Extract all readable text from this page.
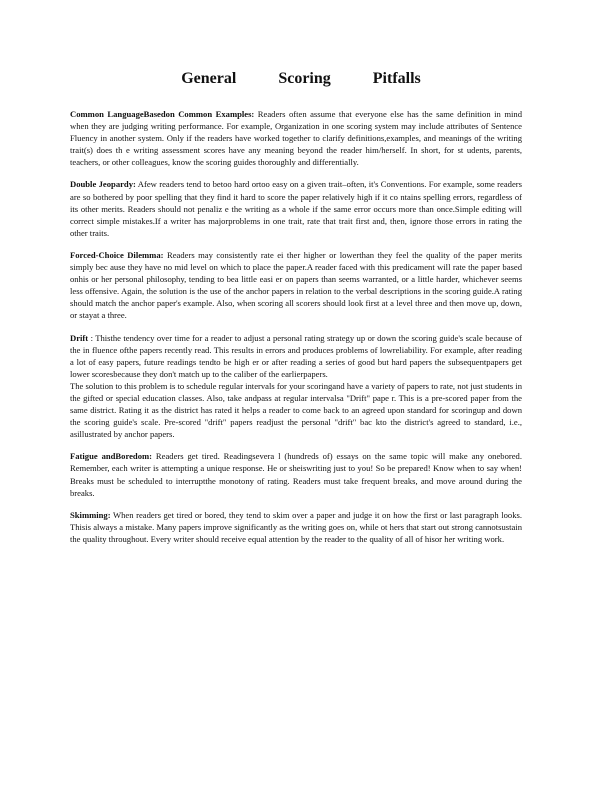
General Scoring Pitfalls

Common LanguageBasedon Common Examples: Readers often assume that everyone else has the same definition in mind when they are judging writing performance. For example, Organization in one scoring system may include attributes of Sentence Fluency in another system. Only if the readers have worked together to clarify definitions,examples, and meanings of the writing trait(s) does th e writing assessment scores have any meaning beyond the reader him/herself. In short, for st udents, parents, teachers, or other colleagues, know the scoring guides thoroughly and differentially.

Double Jeopardy: Afew readers tend to betoo hard ortoo easy on a given trait–often, it's Conventions. For example, some readers are so bothered by poor spelling that they find it hard to score the paper relatively high if it co ntains spelling errors, regardless of its other merits. Readers should not penaliz e the writing as a whole if the same error occurs more than once.Simple editing will correct simple mistakes.If a writer has majorproblems in one trait, rate that trait first and, then, ignore those errors in rating the other traits.

Forced-Choice Dilemma: Readers may consistently rate ei ther higher or lowerthan they feel the quality of the paper merits simply bec ause they have no mid level on which to place the paper.A reader faced with this predicament will rate the paper based onhis or her personal philosophy, tending to bea little easi er on papers than seems warranted, or a little harder, whichever seems less offensive. Again, the solution is the use of the anchor papers in relation to the verbal descriptions in the scoring guide.A rating should match the anchor paper's example. Also, when scoring all scorers should look first at a level three and then move up, down, or stayat a three.

Drift : Thisthe tendency over time for a reader to adjust a personal rating strategy up or down the scoring guide's scale because of the in fluence ofthe papers recently read. This results in errors and produces problems of lowreliability. For example, after reading a lot of easy papers, future readings tendto be high er or after reading a series of good but hard papers the subsequentpapers get lower scoresbecause they don't match up to the caliber of the earlierpapers.

The solution to this problem is to schedule regular intervals for your scoringand have a variety of papers to rate, not just students in the gifted or special education classes. Also, take andpass at regular intervalsa "Drift" pape r. This is a pre-scored paper from the same district. Rating it as the district has rated it helps a reader to come back to an agreed upon standard for scoringup and down the scoring guide's scale. Pre-scored "drift" papers readjust the personal "drift" bac kto the district's agreed to standard, i.e., asillustrated by anchor papers.

Fatigue andBoredom: Readers get tired. Readingsevera l (hundreds of) essays on the same topic will make any onebored. Remember, each writer is attempting a unique response. He or sheiswriting just to you! So be prepared! Know when to say when! Breaks must be scheduled to interruptthe monotony of rating. Readers must take frequent breaks, and move around during the breaks.

Skimming: When readers get tired or bored, they tend to skim over a paper and judge it on how the first or last paragraph looks. Thisis always a mistake. Many papers improve significantly as the writing goes on, while ot hers that start out strong cannotsustain the quality throughout. Every writer should receive equal attention by the reader to the quality of all of hisor her writing work.
